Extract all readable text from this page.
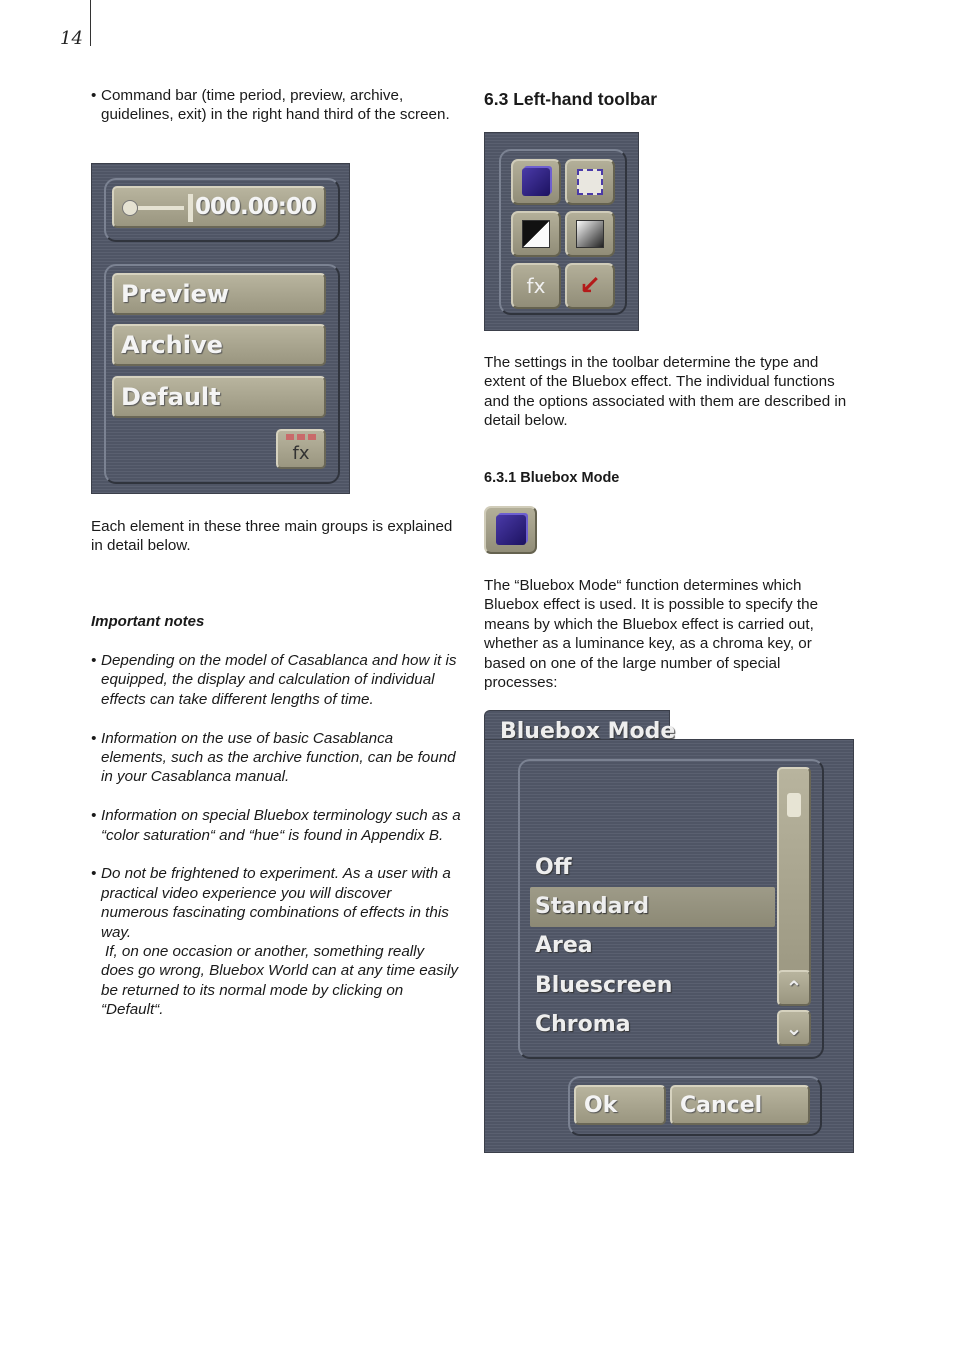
14

• Command bar (time period, preview, archive, guidelines, exit) in the right hand third of the screen.

000.00:00
Preview
Archive
Default
fx

Each element in these three main groups is explained in detail below.

Important notes

• Depending on the model of Casablanca and how it is equipped, the display and calculation of individual effects can take different lengths of time.

• Information on the use of basic Casablanca elements, such as the archive function, can be found in your Casablanca manual.

• Information on special Bluebox terminology such as a “color saturation“ and “hue“ is found in Appendix B.

• Do not be frightened to experiment. As a user with a practical video experience you will discover numerous fascinating combinations of effects in this way.

If, on one occasion or another, something really does go wrong, Bluebox World can at any time easily be returned to its normal mode by clicking on “Default“.

6.3 Left-hand toolbar

fx ↙

The settings in the toolbar determine the type and extent of the Bluebox effect. The individual functions and the options associated with them are described in detail below.

6.3.1 Bluebox Mode

The “Bluebox Mode“ function determines which Bluebox effect is used. It is possible to specify the means by which the Bluebox effect is carried out, whether as a luminance key, as a chroma key, or based on one of the large number of special processes:

Bluebox Mode
⌃
⌄
Ok	Cancel
Off
Standard
Area
Bluescreen
Chroma
